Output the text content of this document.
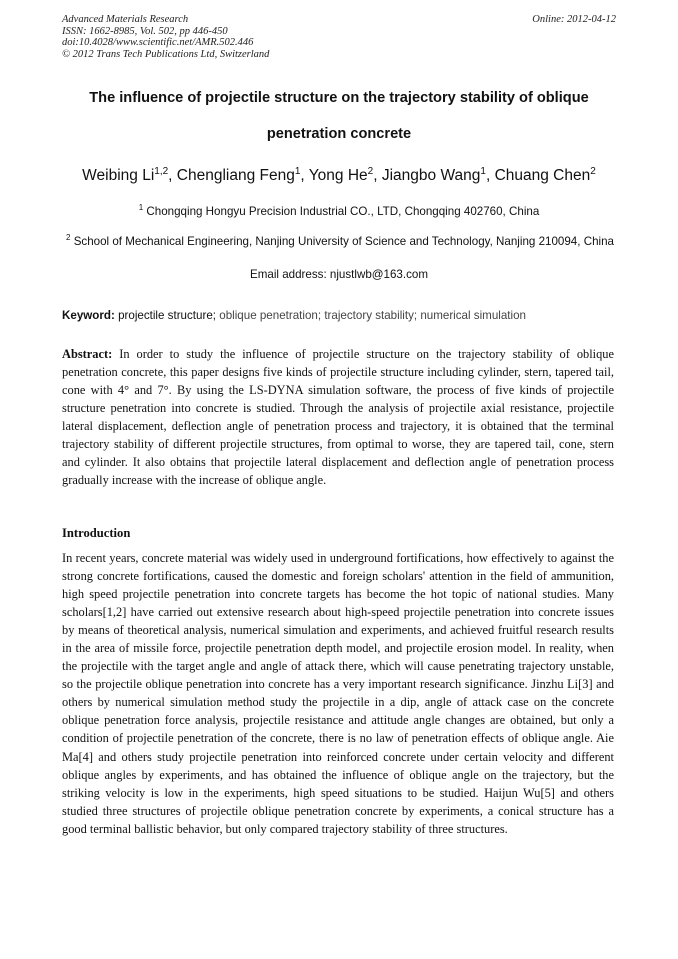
Advanced Materials Research
ISSN: 1662-8985, Vol. 502, pp 446-450
doi:10.4028/www.scientific.net/AMR.502.446
© 2012 Trans Tech Publications Ltd, Switzerland
Online: 2012-04-12
The influence of projectile structure on the trajectory stability of oblique
penetration concrete
Weibing Li$^{1,2}$, Chengliang Feng$^1$, Yong He$^2$, Jiangbo Wang$^1$, Chuang Chen$^2$
$^1$ Chongqing Hongyu Precision Industrial CO., LTD, Chongqing 402760, China
$^2$ School of Mechanical Engineering, Nanjing University of Science and Technology, Nanjing 210094, China
Email address: njustlwb@163.com
Keyword: projectile structure; oblique penetration; trajectory stability; numerical simulation
Abstract: In order to study the influence of projectile structure on the trajectory stability of oblique penetration concrete, this paper designs five kinds of projectile structure including cylinder, stern, tapered tail, cone with 4° and 7°. By using the LS-DYNA simulation software, the process of five kinds of projectile structure penetration into concrete is studied. Through the analysis of projectile axial resistance, projectile lateral displacement, deflection angle of penetration process and trajectory, it is obtained that the terminal trajectory stability of different projectile structures, from optimal to worse, they are tapered tail, cone, stern and cylinder. It also obtains that projectile lateral displacement and deflection angle of penetration process gradually increase with the increase of oblique angle.
Introduction
In recent years, concrete material was widely used in underground fortifications, how effectively to against the strong concrete fortifications, caused the domestic and foreign scholars' attention in the field of ammunition, high speed projectile penetration into concrete targets has become the hot topic of national studies. Many scholars[1,2] have carried out extensive research about high-speed projectile penetration into concrete issues by means of theoretical analysis, numerical simulation and experiments, and achieved fruitful research results in the area of missile force, projectile penetration depth model, and projectile erosion model. In reality, when the projectile with the target angle and angle of attack there, which will cause penetrating trajectory unstable, so the projectile oblique penetration into concrete has a very important research significance. Jinzhu Li[3] and others by numerical simulation method study the projectile in a dip, angle of attack case on the concrete oblique penetration force analysis, projectile resistance and attitude angle changes are obtained, but only a condition of projectile penetration of the concrete, there is no law of penetration effects of oblique angle. Aie Ma[4] and others study projectile penetration into reinforced concrete under certain velocity and different oblique angles by experiments, and has obtained the influence of oblique angle on the trajectory, but the striking velocity is low in the experiments, high speed situations to be studied. Haijun Wu[5] and others studied three structures of projectile oblique penetration concrete by experiments, a conical structure has a good terminal ballistic behavior, but only compared trajectory stability of three structures.
